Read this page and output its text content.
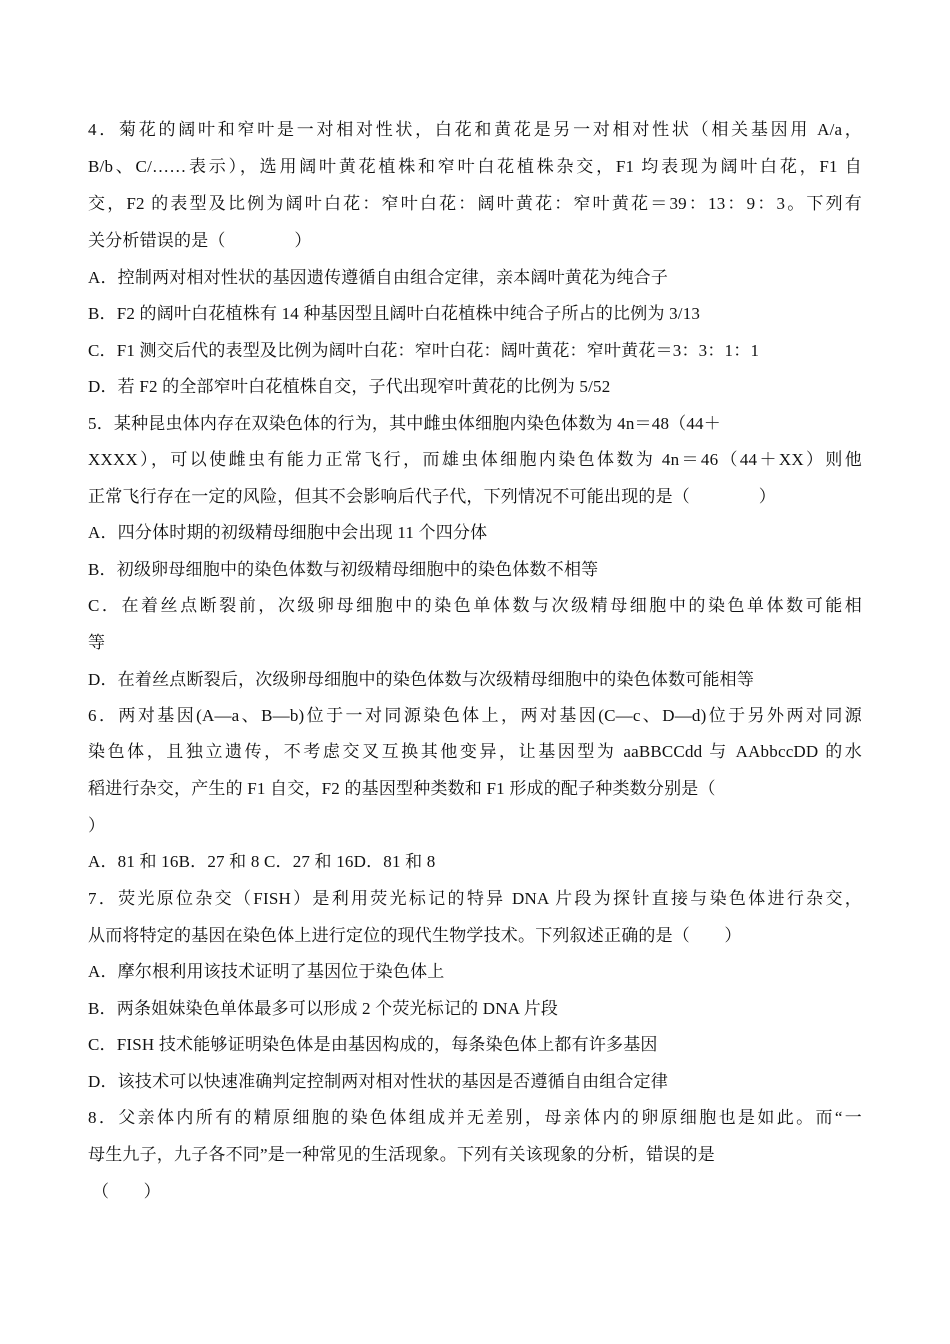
4．菊花的阔叶和窄叶是一对相对性状，白花和黄花是另一对相对性状（相关基因用 A/a，
B/b、C/……表示），选用阔叶黄花植株和窄叶白花植株杂交，F1 均表现为阔叶白花，F1 自
交，F2 的表型及比例为阔叶白花：窄叶白花：阔叶黄花：窄叶黄花＝39：13：9：3。下列有
关分析错误的是（　　　　）
A．控制两对相对性状的基因遗传遵循自由组合定律，亲本阔叶黄花为纯合子
B．F2 的阔叶白花植株有 14 种基因型且阔叶白花植株中纯合子所占的比例为 3/13
C．F1 测交后代的表型及比例为阔叶白花：窄叶白花：阔叶黄花：窄叶黄花＝3：3：1：1
D．若 F2 的全部窄叶白花植株自交，子代出现窄叶黄花的比例为 5/52
5．某种昆虫体内存在双染色体的行为，其中雌虫体细胞内染色体数为 4n＝48（44＋
XXXX），可以使雌虫有能力正常飞行，而雄虫体细胞内染色体数为 4n＝46（44＋XX）则他
正常飞行存在一定的风险，但其不会影响后代子代，下列情况不可能出现的是（　　　　）
A．四分体时期的初级精母细胞中会出现 11 个四分体
B．初级卵母细胞中的染色体数与初级精母细胞中的染色体数不相等
C．在着丝点断裂前，次级卵母细胞中的染色单体数与次级精母细胞中的染色单体数可能相
等
D．在着丝点断裂后，次级卵母细胞中的染色体数与次级精母细胞中的染色体数可能相等
6．两对基因(A—a、B—b)位于一对同源染色体上，两对基因(C—c、D—d)位于另外两对同源
染色体，且独立遗传，不考虑交叉互换其他变异，让基因型为 aaBBCCdd 与 AAbbccDD 的水
稻进行杂交，产生的 F1 自交，F2 的基因型种类数和 F1 形成的配子种类数分别是（
）
A．81 和 16B．27 和 8 C．27 和 16D．81 和 8
7．荧光原位杂交（FISH）是利用荧光标记的特异 DNA 片段为探针直接与染色体进行杂交，
从而将特定的基因在染色体上进行定位的现代生物学技术。下列叙述正确的是（　　）
A．摩尔根利用该技术证明了基因位于染色体上
B．两条姐妹染色单体最多可以形成 2 个荧光标记的 DNA 片段
C．FISH 技术能够证明染色体是由基因构成的，每条染色体上都有许多基因
D．该技术可以快速准确判定控制两对相对性状的基因是否遵循自由组合定律
8．父亲体内所有的精原细胞的染色体组成并无差别，母亲体内的卵原细胞也是如此。而“一
母生九子，九子各不同”是一种常见的生活现象。下列有关该现象的分析，错误的是
（　　）
